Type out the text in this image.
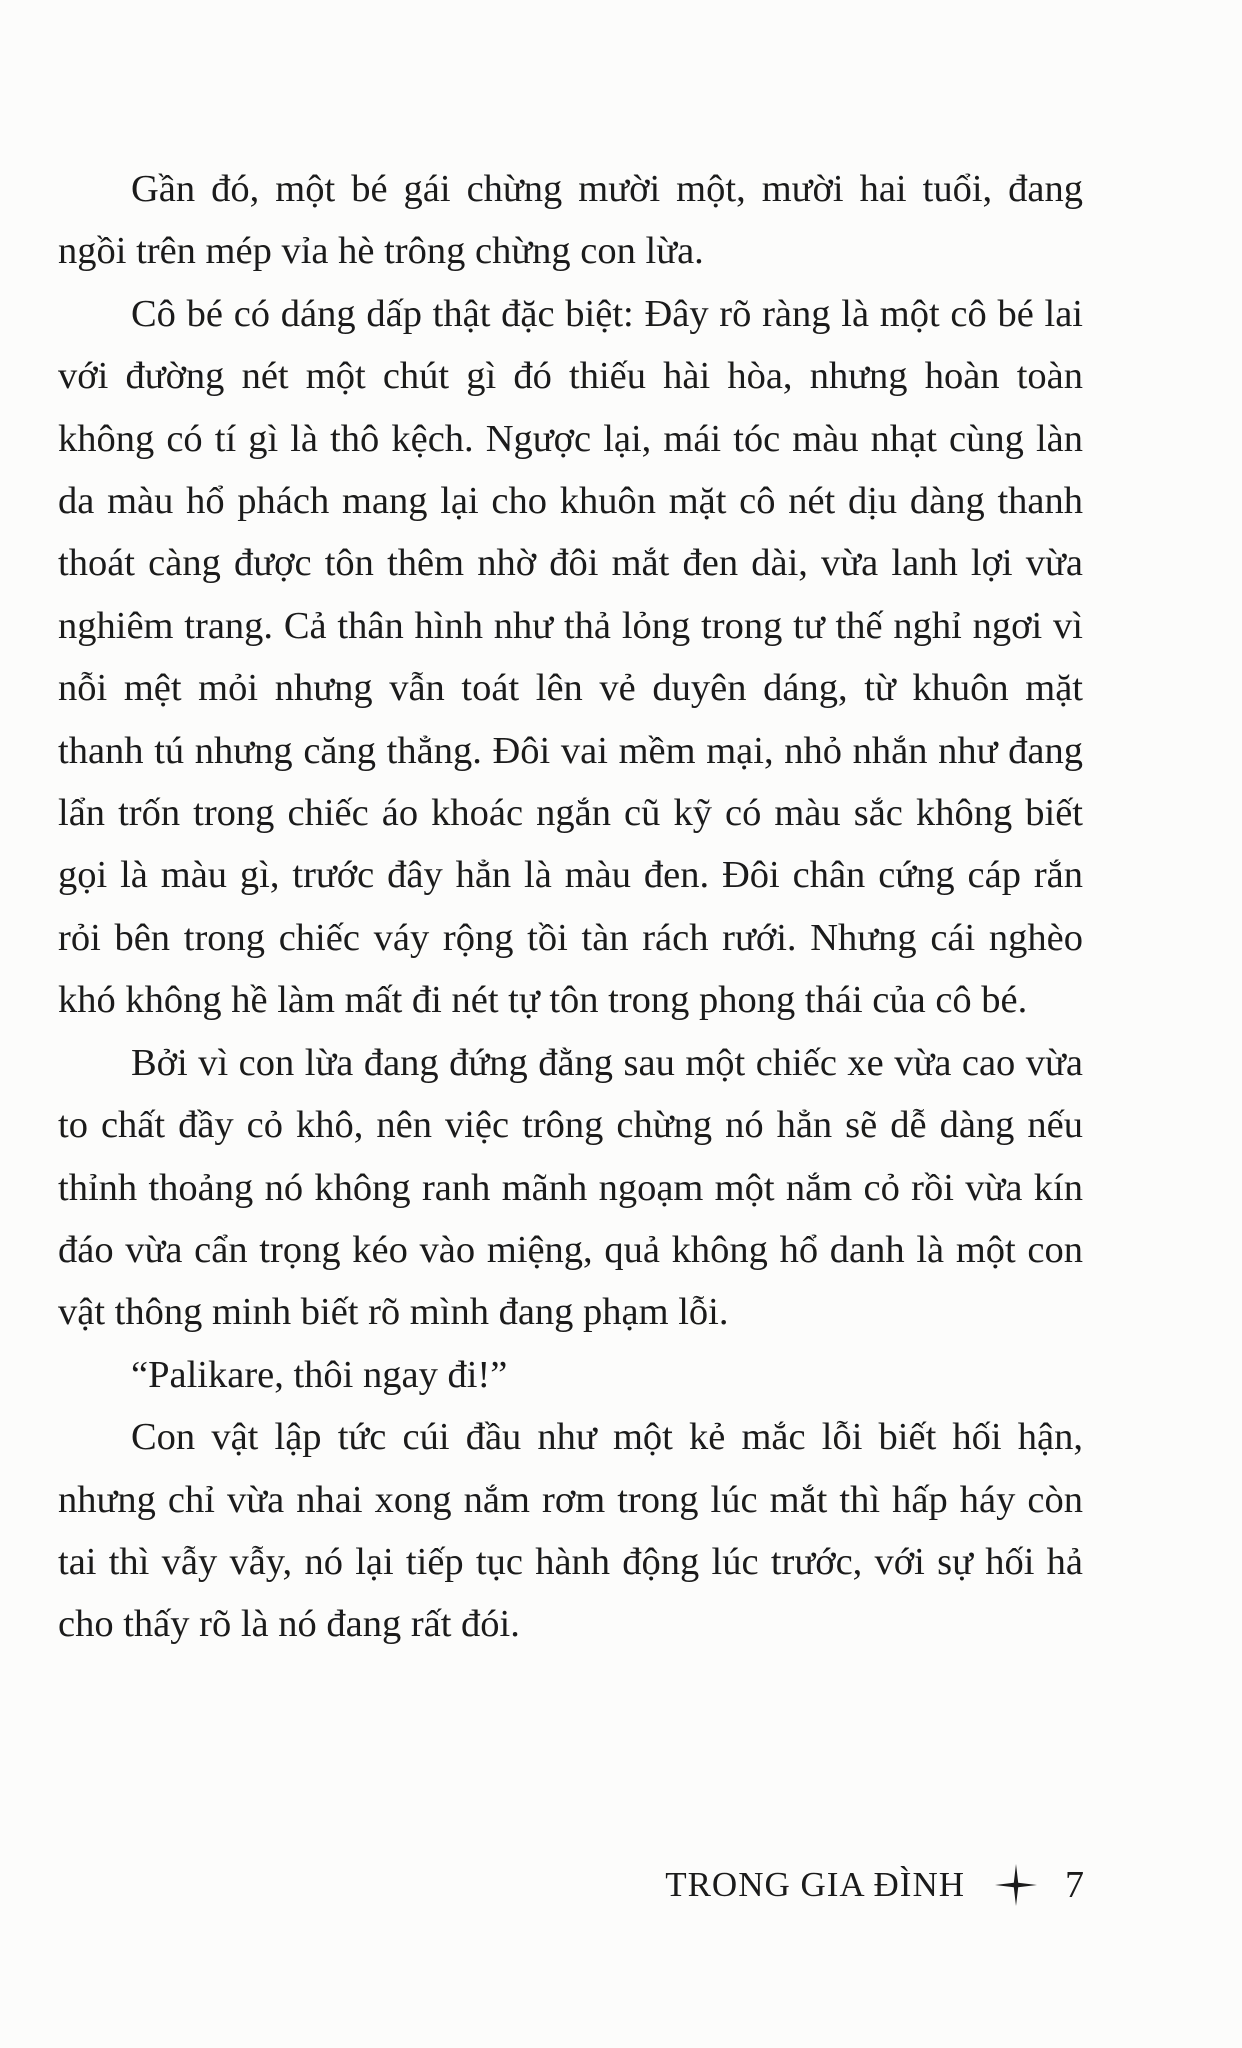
Gần đó, một bé gái chừng mười một, mười hai tuổi, đang ngồi trên mép vỉa hè trông chừng con lừa.

Cô bé có dáng dấp thật đặc biệt: Đây rõ ràng là một cô bé lai với đường nét một chút gì đó thiếu hài hòa, nhưng hoàn toàn không có tí gì là thô kệch. Ngược lại, mái tóc màu nhạt cùng làn da màu hổ phách mang lại cho khuôn mặt cô nét dịu dàng thanh thoát càng được tôn thêm nhờ đôi mắt đen dài, vừa lanh lợi vừa nghiêm trang. Cả thân hình như thả lỏng trong tư thế nghỉ ngơi vì nỗi mệt mỏi nhưng vẫn toát lên vẻ duyên dáng, từ khuôn mặt thanh tú nhưng căng thẳng. Đôi vai mềm mại, nhỏ nhắn như đang lẩn trốn trong chiếc áo khoác ngắn cũ kỹ có màu sắc không biết gọi là màu gì, trước đây hẳn là màu đen. Đôi chân cứng cáp rắn rỏi bên trong chiếc váy rộng tồi tàn rách rưới. Nhưng cái nghèo khó không hề làm mất đi nét tự tôn trong phong thái của cô bé.

Bởi vì con lừa đang đứng đằng sau một chiếc xe vừa cao vừa to chất đầy cỏ khô, nên việc trông chừng nó hẳn sẽ dễ dàng nếu thỉnh thoảng nó không ranh mãnh ngoạm một nắm cỏ rồi vừa kín đáo vừa cẩn trọng kéo vào miệng, quả không hổ danh là một con vật thông minh biết rõ mình đang phạm lỗi.

“Palikare, thôi ngay đi!”

Con vật lập tức cúi đầu như một kẻ mắc lỗi biết hối hận, nhưng chỉ vừa nhai xong nắm rơm trong lúc mắt thì hấp háy còn tai thì vẫy vẫy, nó lại tiếp tục hành động lúc trước, với sự hối hả cho thấy rõ là nó đang rất đói.

TRONG GIA ĐÌNH	7
